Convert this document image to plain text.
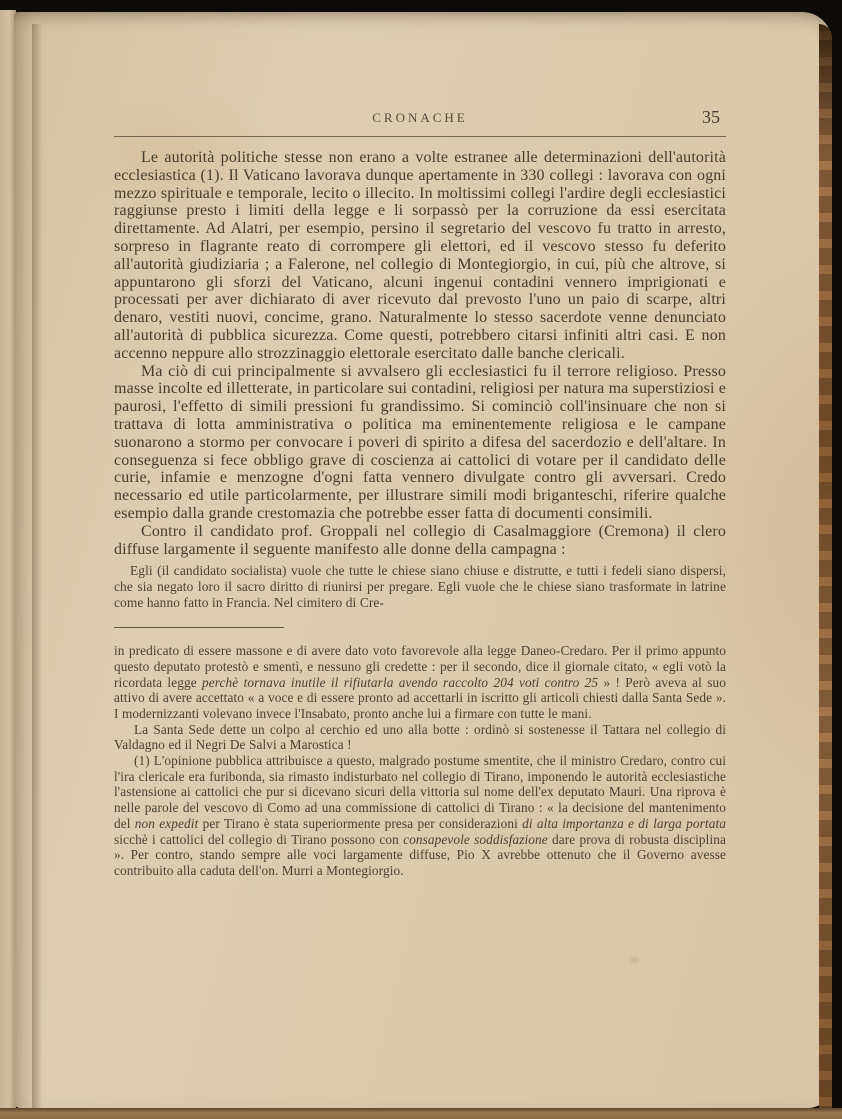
CRONACHE	35

Le autorità politiche stesse non erano a volte estranee alle determinazioni dell'autorità ecclesiastica (1). Il Vaticano lavorava dunque apertamente in 330 collegi : lavorava con ogni mezzo spirituale e temporale, lecito o illecito. In moltissimi collegi l'ardire degli ecclesiastici raggiunse presto i limiti della legge e li sorpassò per la corruzione da essi esercitata direttamente. Ad Alatri, per esempio, persino il segretario del vescovo fu tratto in arresto, sorpreso in flagrante reato di corrompere gli elettori, ed il vescovo stesso fu deferito all'autorità giudiziaria ; a Falerone, nel collegio di Montegiorgio, in cui, più che altrove, si appuntarono gli sforzi del Vaticano, alcuni ingenui contadini vennero imprigionati e processati per aver dichiarato di aver ricevuto dal prevosto l'uno un paio di scarpe, altri denaro, vestiti nuovi, concime, grano. Naturalmente lo stesso sacerdote venne denunciato all'autorità di pubblica sicurezza. Come questi, potrebbero citarsi infiniti altri casi. E non accenno neppure allo strozzinaggio elettorale esercitato dalle banche clericali.

Ma ciò di cui principalmente si avvalsero gli ecclesiastici fu il terrore religioso. Presso masse incolte ed illetterate, in particolare sui contadini, religiosi per natura ma superstiziosi e paurosi, l'effetto di simili pressioni fu grandissimo. Si cominciò coll'insinuare che non si trattava di lotta amministrativa o politica ma eminentemente religiosa e le campane suonarono a stormo per convocare i poveri di spirito a difesa del sacerdozio e dell'altare. In conseguenza si fece obbligo grave di coscienza ai cattolici di votare per il candidato delle curie, infamie e menzogne d'ogni fatta vennero divulgate contro gli avversari. Credo necessario ed utile particolarmente, per illustrare simili modi briganteschi, riferire qualche esempio dalla grande crestomazia che potrebbe esser fatta di documenti consimili.

Contro il candidato prof. Groppali nel collegio di Casalmaggiore (Cremona) il clero diffuse largamente il seguente manifesto alle donne della campagna :

Egli (il candidato socialista) vuole che tutte le chiese siano chiuse e distrutte, e tutti i fedeli siano dispersi, che sia negato loro il sacro diritto di riunirsi per pregare. Egli vuole che le chiese siano trasformate in latrine come hanno fatto in Francia. Nel cimitero di Cre-

in predicato di essere massone e di avere dato voto favorevole alla legge Daneo-Credaro. Per il primo appunto questo deputato protestò e smentì, e nessuno gli credette : per il secondo, dice il giornale citato, « egli votò la ricordata legge perchè tornava inutile il rifiutarla avendo raccolto 204 voti contro 25 » ! Però aveva al suo attivo di avere accettato « a voce e di essere pronto ad accettarli in iscritto gli articoli chiesti dalla Santa Sede ». I modernizzanti volevano invece l'Insabato, pronto anche lui a firmare con tutte le mani.

La Santa Sede dette un colpo al cerchio ed uno alla botte : ordinò si sostenesse il Tattara nel collegio di Valdagno ed il Negri De Salvi a Marostica !

(1) L'opinione pubblica attribuisce a questo, malgrado postume smentite, che il ministro Credaro, contro cui l'ira clericale era furibonda, sia rimasto indisturbato nel collegio di Tirano, imponendo le autorità ecclesiastiche l'astensione ai cattolici che pur si dicevano sicuri della vittoria sul nome dell'ex deputato Mauri. Una riprova è nelle parole del vescovo di Como ad una commissione di cattolici di Tirano : « la decisione del mantenimento del non expedit per Tirano è stata superiormente presa per considerazioni di alta importanza e di larga portata sicchè i cattolici del collegio di Tirano possono con consapevole soddisfazione dare prova di robusta disciplina ». Per contro, stando sempre alle voci largamente diffuse, Pio X avrebbe ottenuto che il Governo avesse contribuito alla caduta dell'on. Murri a Montegiorgio.
